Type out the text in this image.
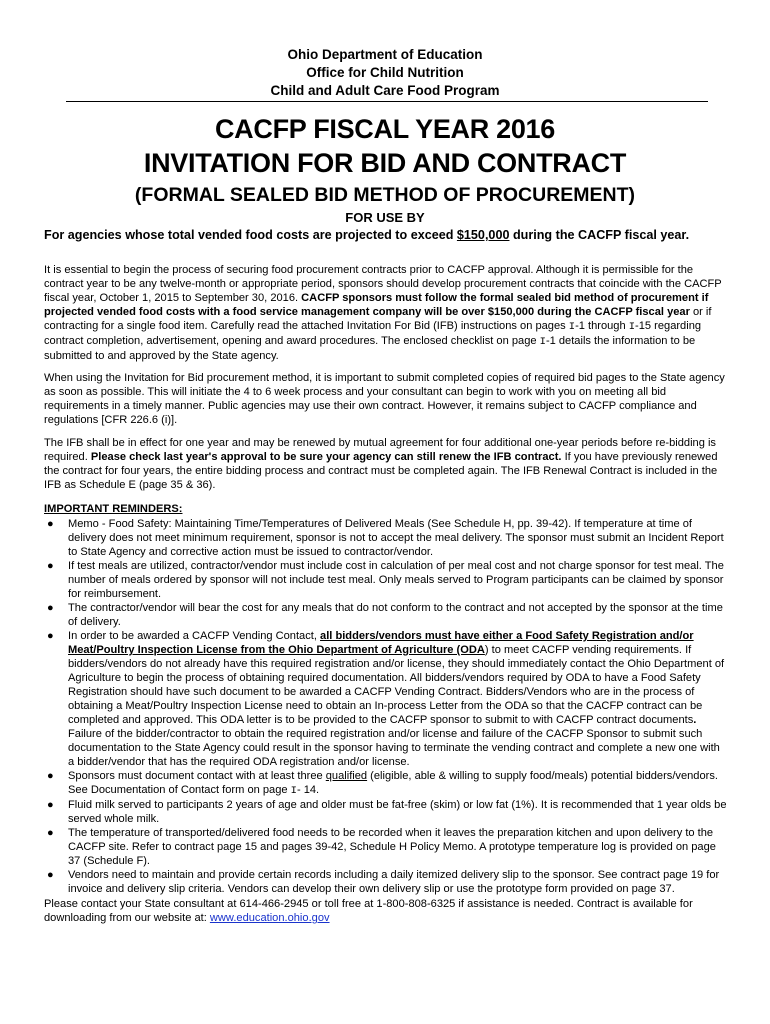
Ohio Department of Education
Office for Child Nutrition
Child and Adult Care Food Program
CACFP FISCAL YEAR 2016
INVITATION FOR BID AND CONTRACT
(FORMAL SEALED BID METHOD OF PROCUREMENT)
FOR USE BY
For agencies whose total vended food costs are projected to exceed $150,000 during the CACFP fiscal year.
It is essential to begin the process of securing food procurement contracts prior to CACFP approval. Although it is permissible for the contract year to be any twelve-month or appropriate period, sponsors should develop procurement contracts that coincide with the CACFP fiscal year, October 1, 2015 to September 30, 2016. CACFP sponsors must follow the formal sealed bid method of procurement if projected vended food costs with a food service management company will be over $150,000 during the CACFP fiscal year or if contracting for a single food item. Carefully read the attached Invitation For Bid (IFB) instructions on pages I-1 through I-15 regarding contract completion, advertisement, opening and award procedures. The enclosed checklist on page I-1 details the information to be submitted to and approved by the State agency.
When using the Invitation for Bid procurement method, it is important to submit completed copies of required bid pages to the State agency as soon as possible. This will initiate the 4 to 6 week process and your consultant can begin to work with you on meeting all bid requirements in a timely manner. Public agencies may use their own contract. However, it remains subject to CACFP compliance and regulations [CFR 226.6 (i)].
The IFB shall be in effect for one year and may be renewed by mutual agreement for four additional one-year periods before re-bidding is required. Please check last year's approval to be sure your agency can still renew the IFB contract. If you have previously renewed the contract for four years, the entire bidding process and contract must be completed again. The IFB Renewal Contract is included in the IFB as Schedule E (page 35 & 36).
IMPORTANT REMINDERS:
● Memo - Food Safety: Maintaining Time/Temperatures of Delivered Meals (See Schedule H, pp. 39-42). If temperature at time of delivery does not meet minimum requirement, sponsor is not to accept the meal delivery. The sponsor must submit an Incident Report to State Agency and corrective action must be issued to contractor/vendor.
● If test meals are utilized, contractor/vendor must include cost in calculation of per meal cost and not charge sponsor for test meal. The number of meals ordered by sponsor will not include test meal. Only meals served to Program participants can be claimed by sponsor for reimbursement.
● The contractor/vendor will bear the cost for any meals that do not conform to the contract and not accepted by the sponsor at the time of delivery.
● In order to be awarded a CACFP Vending Contact, all bidders/vendors must have either a Food Safety Registration and/or Meat/Poultry Inspection License from the Ohio Department of Agriculture (ODA) to meet CACFP vending requirements. If bidders/vendors do not already have this required registration and/or license, they should immediately contact the Ohio Department of Agriculture to begin the process of obtaining required documentation. All bidders/vendors required by ODA to have a Food Safety Registration should have such document to be awarded a CACFP Vending Contract. Bidders/Vendors who are in the process of obtaining a Meat/Poultry Inspection License need to obtain an In-process Letter from the ODA so that the CACFP contract can be completed and approved. This ODA letter is to be provided to the CACFP sponsor to submit to with CACFP contract documents. Failure of the bidder/contractor to obtain the required registration and/or license and failure of the CACFP Sponsor to submit such documentation to the State Agency could result in the sponsor having to terminate the vending contract and complete a new one with a bidder/vendor that has the required ODA registration and/or license.
● Sponsors must document contact with at least three qualified (eligible, able & willing to supply food/meals) potential bidders/vendors. See Documentation of Contact form on page I- 14.
● Fluid milk served to participants 2 years of age and older must be fat-free (skim) or low fat (1%). It is recommended that 1 year olds be served whole milk.
● The temperature of transported/delivered food needs to be recorded when it leaves the preparation kitchen and upon delivery to the CACFP site. Refer to contract page 15 and pages 39-42, Schedule H Policy Memo. A prototype temperature log is provided on page 37 (Schedule F).
● Vendors need to maintain and provide certain records including a daily itemized delivery slip to the sponsor. See contract page 19 for invoice and delivery slip criteria. Vendors can develop their own delivery slip or use the prototype form provided on page 37.
Please contact your State consultant at 614-466-2945 or toll free at 1-800-808-6325 if assistance is needed. Contract is available for downloading from our website at: www.education.ohio.gov
